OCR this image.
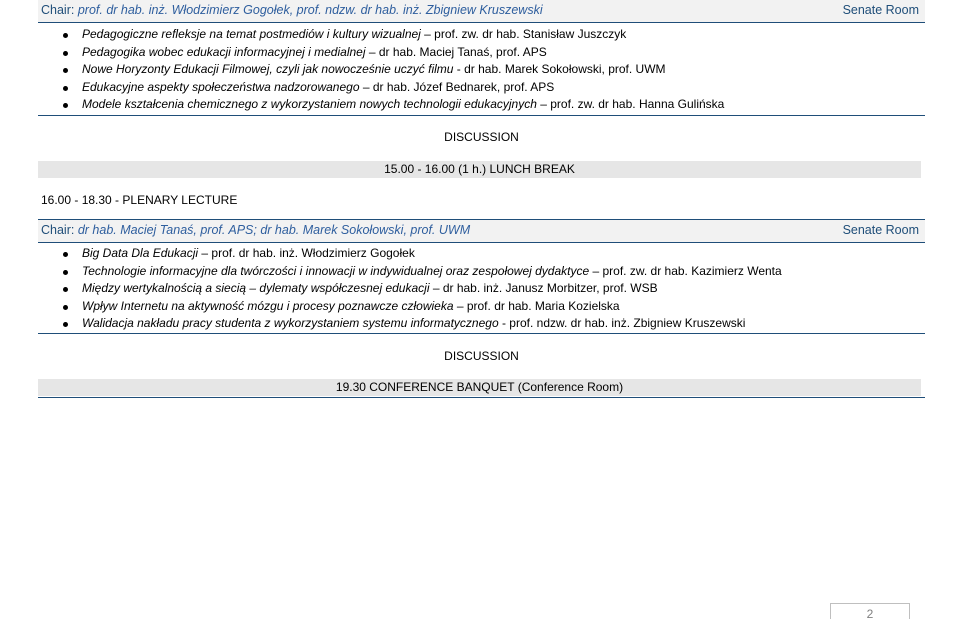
Chair: prof. dr hab. inż. Włodzimierz Gogołek, prof. ndzw. dr hab. inż. Zbigniew Kruszewski	Senate Room
Pedagogiczne refleksje na temat postmediów i kultury wizualnej – prof. zw. dr hab. Stanisław Juszczyk
Pedagogika wobec edukacji informacyjnej i medialnej – dr hab. Maciej Tanaś, prof. APS
Nowe Horyzonty Edukacji Filmowej, czyli jak nowocześnie uczyć filmu - dr hab. Marek Sokołowski, prof. UWM
Edukacyjne aspekty społeczeństwa nadzorowanego – dr hab. Józef Bednarek, prof. APS
Modele kształcenia chemicznego z wykorzystaniem nowych technologii edukacyjnych – prof. zw. dr hab. Hanna Gulińska
DISCUSSION
15.00 - 16.00 (1 h.) LUNCH BREAK
16.00 - 18.30 - PLENARY LECTURE
Chair: dr hab. Maciej Tanaś, prof. APS; dr hab. Marek Sokołowski, prof. UWM	Senate Room
Big Data Dla Edukacji – prof. dr hab. inż. Włodzimierz Gogołek
Technologie informacyjne dla twórczości i innowacji w indywidualnej oraz zespołowej dydaktyce – prof. zw. dr hab. Kazimierz Wenta
Między wertykalnością a siecią – dylematy współczesnej edukacji – dr hab. inż. Janusz Morbitzer, prof. WSB
Wpływ Internetu na aktywność mózgu i procesy poznawcze człowieka – prof. dr hab. Maria Kozielska
Walidacja nakładu pracy studenta z wykorzystaniem systemu informatycznego - prof. ndzw. dr hab. inż. Zbigniew Kruszewski
DISCUSSION
19.30 CONFERENCE BANQUET (Conference Room)
2
